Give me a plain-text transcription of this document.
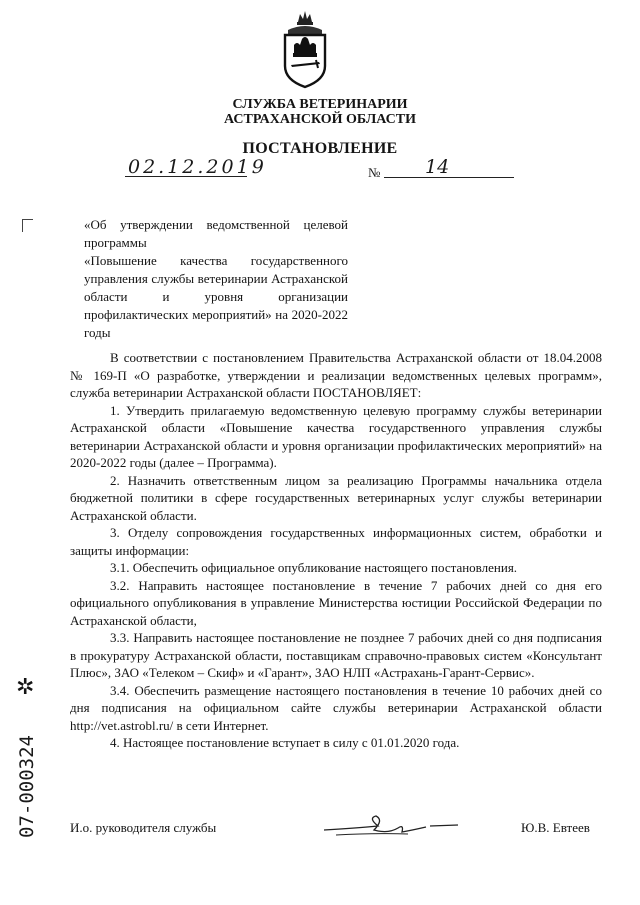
СЛУЖБА ВЕТЕРИНАРИИ
АСТРАХАНСКОЙ ОБЛАСТИ
ПОСТАНОВЛЕНИЕ
02.12.2019	№ 14

«Об утверждении ведомственной целевой программы

«Повышение качества государственного управления службы ветеринарии Астраханской области и уровня организации профилактических мероприятий» на 2020-2022 годы

В соответствии с постановлением Правительства Астраханской области от 18.04.2008 № 169-П «О разработке, утверждении и реализации ведомственных целевых программ», служба ветеринарии Астраханской области ПОСТАНОВЛЯЕТ:

1. Утвердить прилагаемую ведомственную целевую программу службы ветеринарии Астраханской области «Повышение качества государственного управления службы ветеринарии Астраханской области и уровня организации профилактических мероприятий» на 2020-2022 годы (далее – Программа).

2. Назначить ответственным лицом за реализацию Программы начальника отдела бюджетной политики в сфере государственных ветеринарных услуг службы ветеринарии Астраханской области.

3. Отделу сопровождения государственных информационных систем, обработки и защиты информации:

3.1. Обеспечить официальное опубликование настоящего постановления.

3.2. Направить настоящее постановление в течение 7 рабочих дней со дня его официального опубликования в управление Министерства юстиции Российской Федерации по Астраханской области,

3.3. Направить настоящее постановление не позднее 7 рабочих дней со дня подписания в прокуратуру Астраханской области, поставщикам справочно-правовых систем «Консультант Плюс», ЗАО «Телеком – Скиф» и «Гарант», ЗАО НЛП «Астрахань-Гарант-Сервис».

3.4. Обеспечить размещение настоящего постановления в течение 10 рабочих дней со дня подписания на официальном сайте службы ветеринарии Астраханской области http://vet.astrobl.ru/ в сети Интернет.

4. Настоящее постановление вступает в силу с 01.01.2020 года.

✲
07-000324 И.о. руководителя службы	Ю.В. Евтеев
